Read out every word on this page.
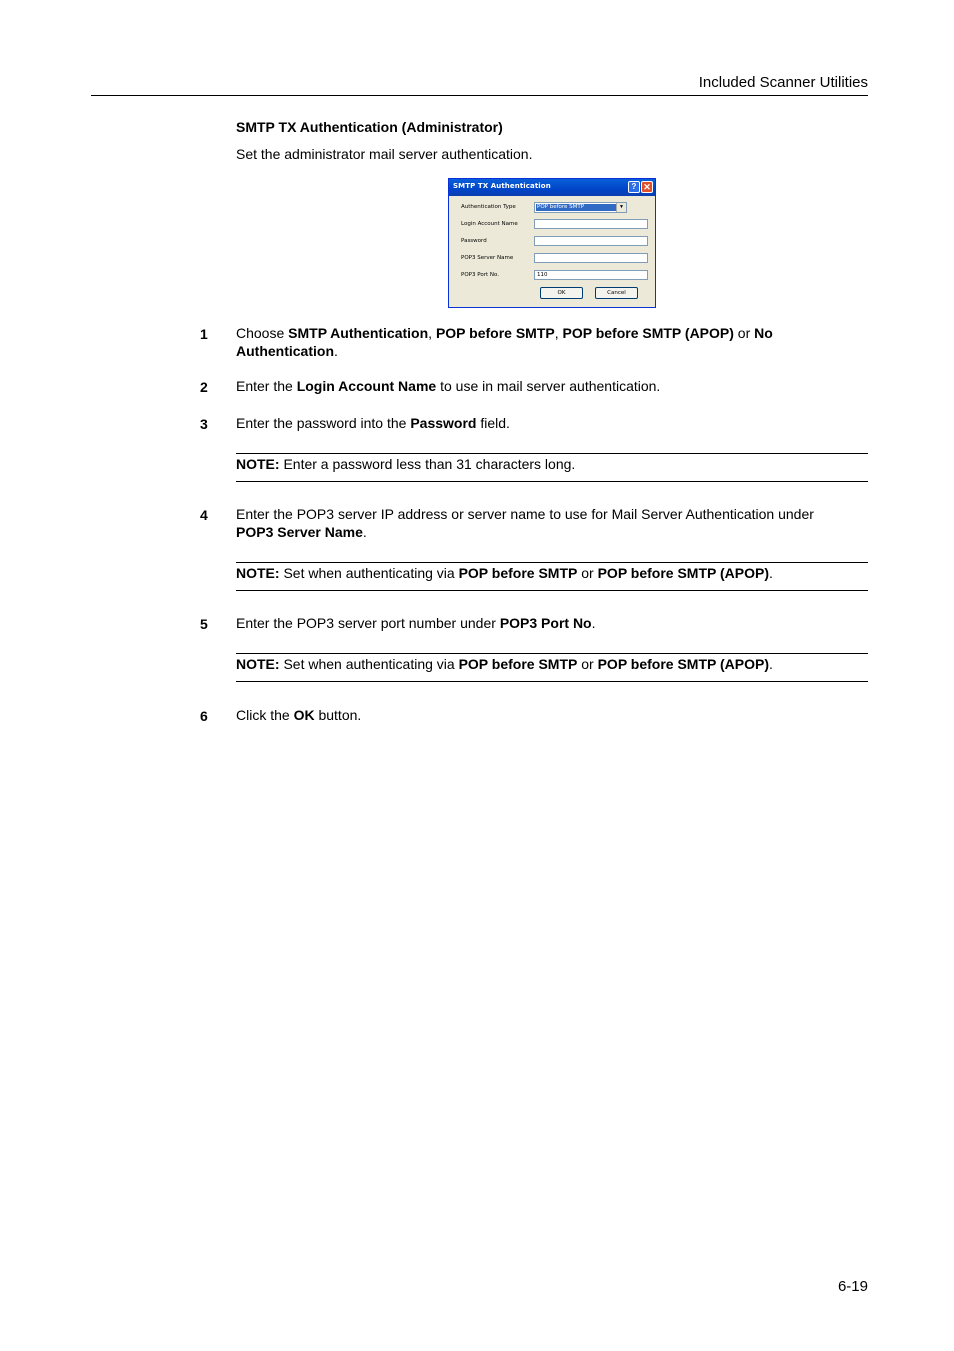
Included Scanner Utilities
SMTP TX Authentication (Administrator)
Set the administrator mail server authentication.
SMTP TX Authentication	? ✕
Authentication Type	POP before SMTP	▼
Login Account Name
Password
POP3 Server Name
POP3 Port No.	110
OK	Cancel
1 Choose SMTP Authentication, POP before SMTP, POP before SMTP (APOP) or No Authentication.
2 Enter the Login Account Name to use in mail server authentication.
3 Enter the password into the Password field.
NOTE: Enter a password less than 31 characters long.
4 Enter the POP3 server IP address or server name to use for Mail Server Authentication under POP3 Server Name.
NOTE: Set when authenticating via POP before SMTP or POP before SMTP (APOP).
5 Enter the POP3 server port number under POP3 Port No.
NOTE: Set when authenticating via POP before SMTP or POP before SMTP (APOP).
6 Click the OK button.
6-19
